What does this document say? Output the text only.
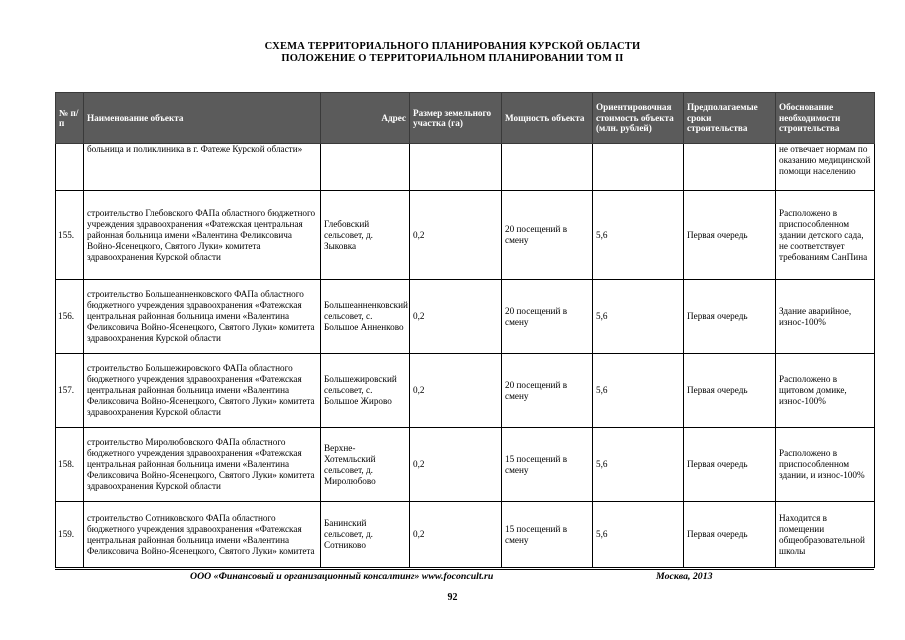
СХЕМА ТЕРРИТОРИАЛЬНОГО ПЛАНИРОВАНИЯ КУРСКОЙ ОБЛАСТИ
ПОЛОЖЕНИЕ О ТЕРРИТОРИАЛЬНОМ ПЛАНИРОВАНИИ ТОМ II
№ п/п	Наименование объекта	Адрес	Размер земельного участка (га)	Мощность объекта	Ориентировочная стоимость объекта (млн. рублей)	Предполагаемые сроки строительства	Обоснование необходимости строительства
	больница и поликлиника в г. Фатеже Курской области»						не отвечает нормам по оказанию медицинской помощи населению
155.	строительство Глебовского ФАПа областного бюджетного учреждения здравоохранения «Фатежская центральная районная больница имени «Валентина Феликсовича Войно-Ясенецкого, Святого Луки» комитета здравоохранения Курской области	Глебовский сельсовет, д. Зыковка	0,2	20 посещений в смену	5,6	Первая очередь	Расположено в приспособленном здании детского сада, не соответствует требованиям СанПина
156.	строительство Большеанненковского ФАПа областного бюджетного учреждения здравоохранения «Фатежская центральная районная больница имени «Валентина Феликсовича Войно-Ясенецкого, Святого Луки» комитета здравоохранения Курской области	Большеанненковский сельсовет, с. Большое Анненково	0,2	20 посещений в смену	5,6	Первая очередь	Здание аварийное, износ-100%
157.	строительство Большежировского ФАПа областного бюджетного учреждения здравоохранения «Фатежская центральная районная больница имени «Валентина Феликсовича Войно-Ясенецкого, Святого Луки» комитета здравоохранения Курской области	Большежировский сельсовет, с. Большое Жирово	0,2	20 посещений в смену	5,6	Первая очередь	Расположено в щитовом домике, износ-100%
158.	строительство Миролюбовского ФАПа областного бюджетного учреждения здравоохранения «Фатежская центральная районная больница имени «Валентина Феликсовича Войно-Ясенецкого, Святого Луки» комитета здравоохранения Курской области	Верхне-Хотемльский сельсовет, д. Миролюбово	0,2	15 посещений в смену	5,6	Первая очередь	Расположено в приспособленном здании, и износ-100%
159.	строительство Сотниковского ФАПа областного бюджетного учреждения здравоохранения «Фатежская центральная районная больница имени «Валентина Феликсовича Войно-Ясенецкого, Святого Луки» комитета	Банинский сельсовет, д. Сотниково	0,2	15 посещений в смену	5,6	Первая очередь	Находится в помещении общеобразовательной школы
ООО «Финансовый и организационный консалтинг» www.foconcult.ru	Москва, 2013
92
